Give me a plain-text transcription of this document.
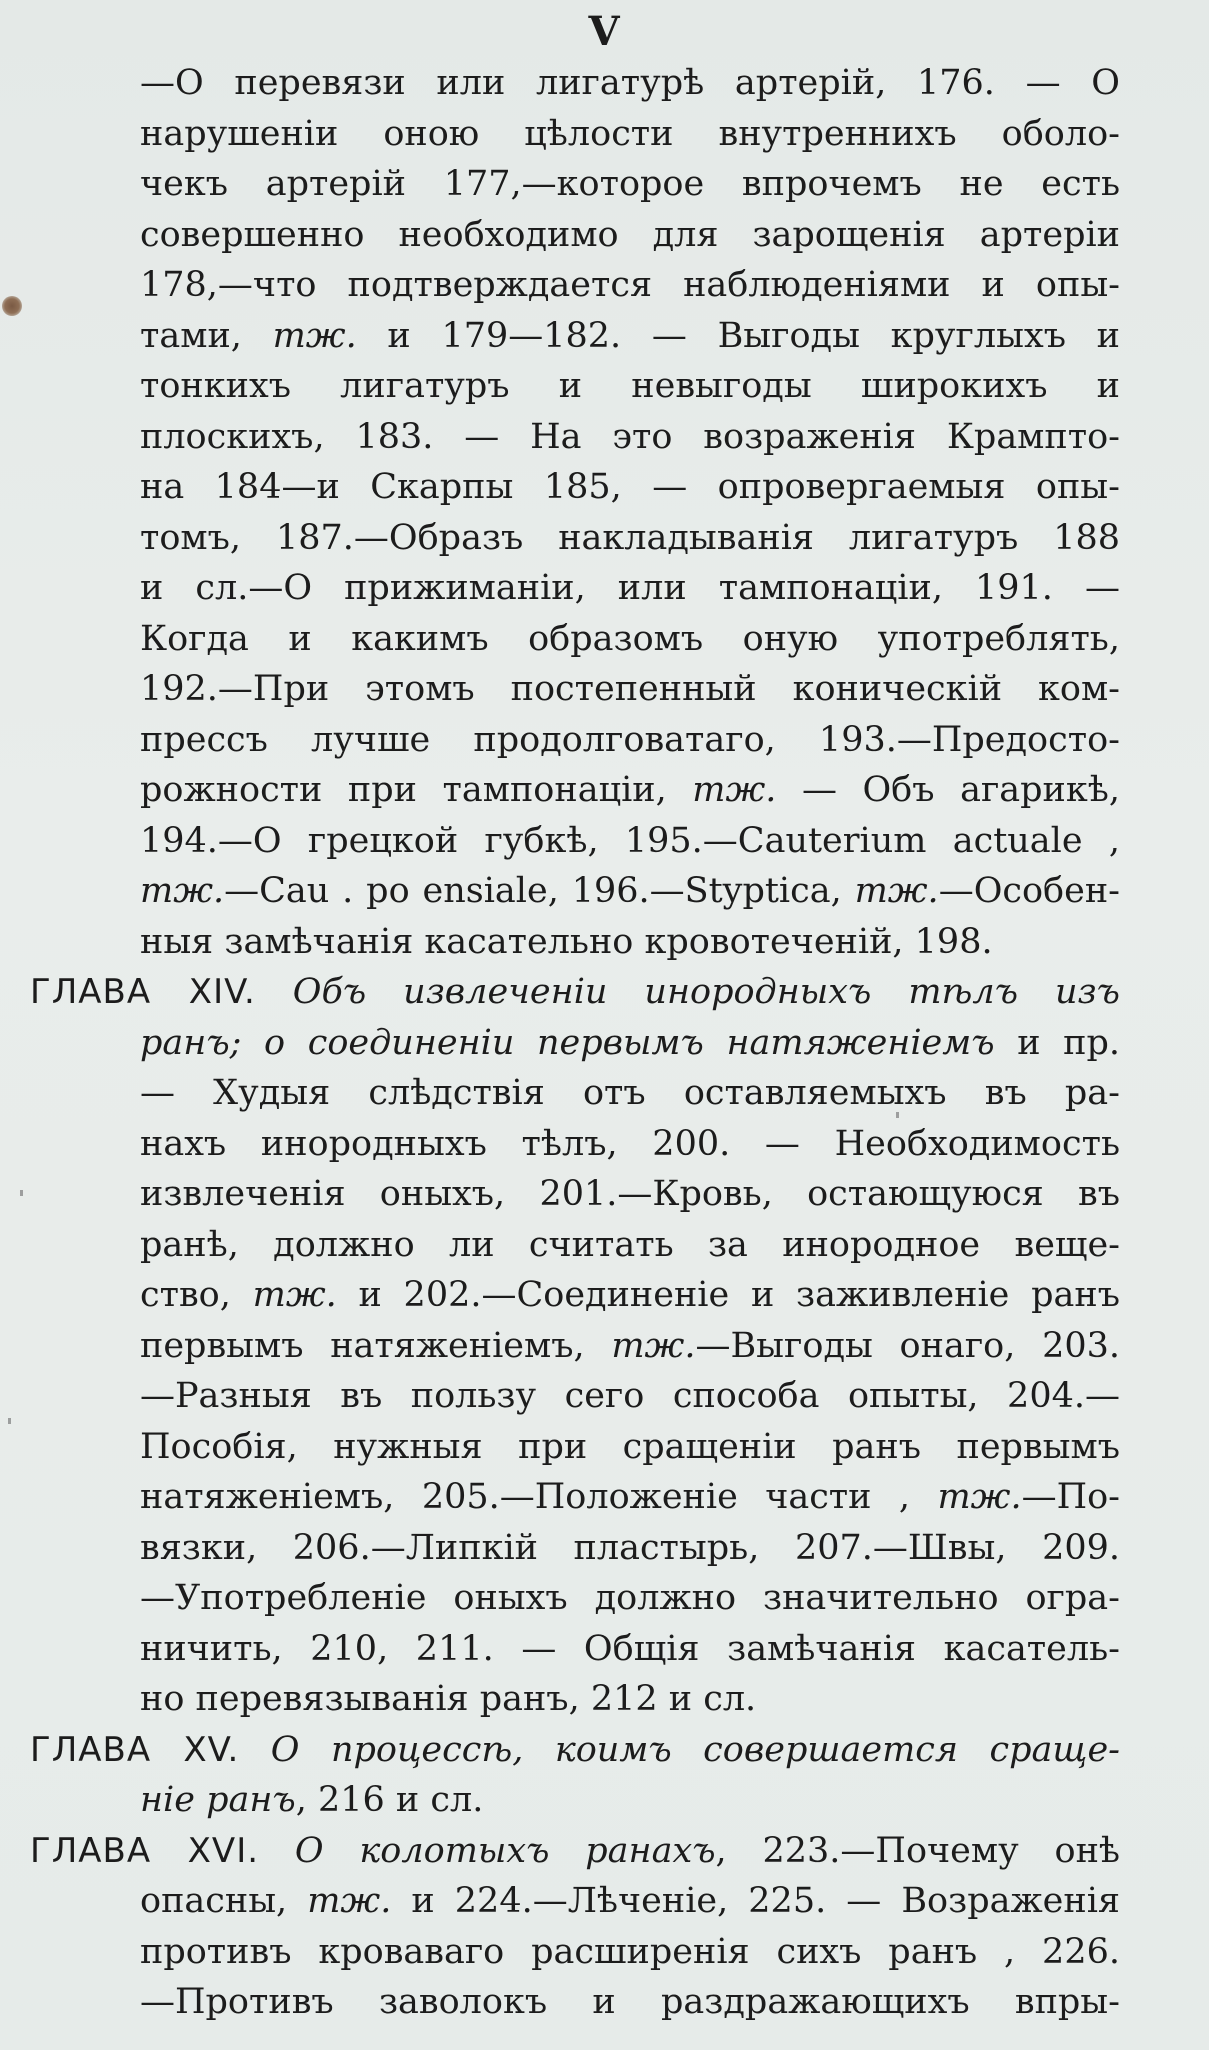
V
—О перевязи или лигатурѣ артерій, 176. — О
нарушеніи оною цѣлости внутреннихъ оболо-
чекъ артерій 177,—которое впрочемъ не есть
совершенно необходимо для зарощенія артеріи
178,—что подтверждается наблюденіями и опы-
тами, тж. и 179—182. — Выгоды круглыхъ и
тонкихъ лигатуръ и невыгоды широкихъ и
плоскихъ, 183. — На это возраженія Крампто-
на 184—и Скарпы 185, — опровергаемыя опы-
томъ, 187.—Образъ накладыванія лигатуръ 188
и сл.—О прижиманіи, или тампонаціи, 191. —
Когда и какимъ образомъ оную употреблять,
192.—При этомъ постепенный коническій ком-
прессъ лучше продолговатаго, 193.—Предосто-
рожности при тампонаціи, тж. — Объ агарикѣ,
194.—О грецкой губкѣ, 195.—Cauterium actuale ,
тж.—Cau . po ensiale, 196.—Styptica, тж.—Особен-
ныя замѣчанія касательно кровотеченій, 198.
ГЛАВА XIV. Объ извлеченіи инородныхъ тѣлъ изъ
ранъ; о соединеніи первымъ натяженіемъ и пр.
— Худыя слѣдствія отъ оставляемыхъ въ ра-
нахъ инородныхъ тѣлъ, 200. — Необходимость
извлеченія оныхъ, 201.—Кровь, остающуюся въ
ранѣ, должно ли считать за инородное веще-
ство, тж. и 202.—Соединеніе и заживленіе ранъ
первымъ натяженіемъ, тж.—Выгоды онаго, 203.
—Разныя въ пользу сего способа опыты, 204.—
Пособія, нужныя при сращеніи ранъ первымъ
натяженіемъ, 205.—Положеніе части , тж.—По-
вязки, 206.—Липкій пластырь, 207.—Швы, 209.
—Употребленіе оныхъ должно значительно огра-
ничить, 210, 211. — Общія замѣчанія касатель-
но перевязыванія ранъ, 212 и сл.
ГЛАВА XV. О процессѣ, коимъ совершается сраще-
ніе ранъ, 216 и сл.
ГЛАВА XVI. О колотыхъ ранахъ, 223.—Почему онѣ
опасны, тж. и 224.—Лѣченіе, 225. — Возраженія
противъ кроваваго расширенія сихъ ранъ , 226.
—Противъ заволокъ и раздражающихъ впры-
